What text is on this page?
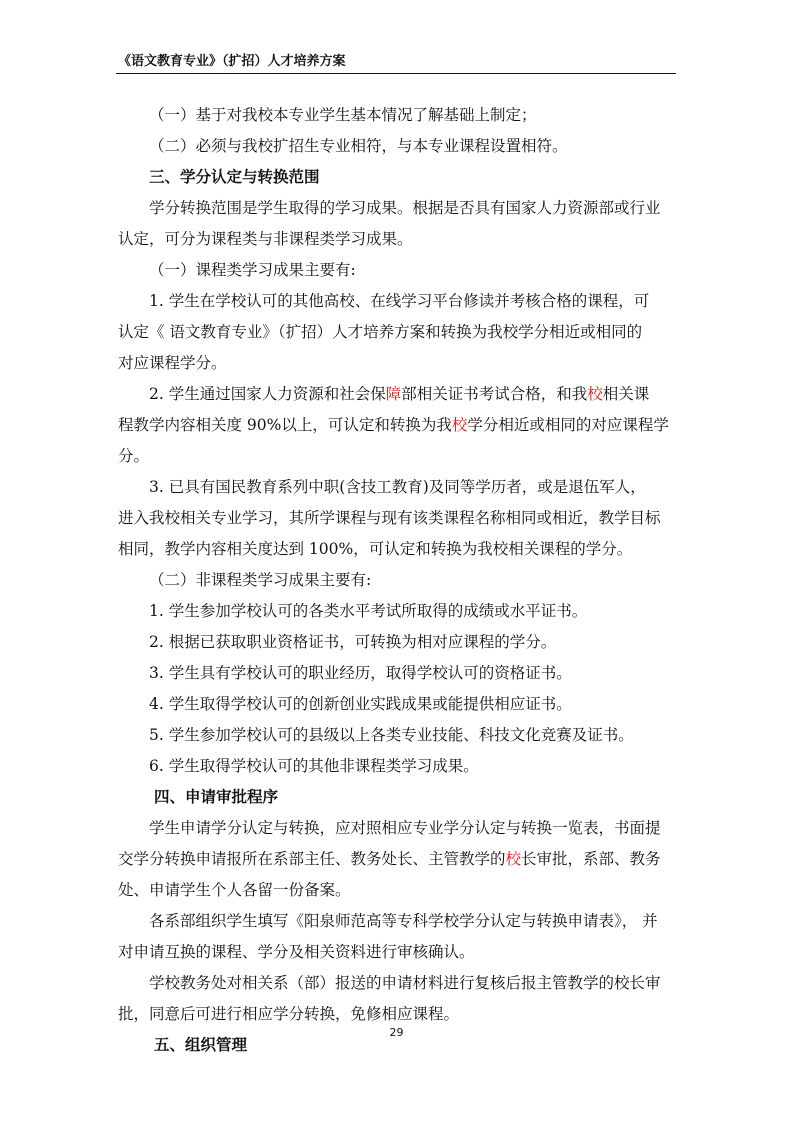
《语文教育专业》（扩招）人才培养方案
（一）基于对我校本专业学生基本情况了解基础上制定；
（二）必须与我校扩招生专业相符，与本专业课程设置相符。
三、学分认定与转换范围
学分转换范围是学生取得的学习成果。根据是否具有国家人力资源部或行业
认定，可分为课程类与非课程类学习成果。
（一）课程类学习成果主要有:
1. 学生在学校认可的其他高校、在线学习平台修读并考核合格的课程，可
认定《 语文教育专业》（扩招）人才培养方案和转换为我校学分相近或相同的
对应课程学分。
2. 学生通过国家人力资源和社会保障部相关证书考试合格，和我校相关课
程教学内容相关度 90%以上，可认定和转换为我校学分相近或相同的对应课程学
分。
3. 已具有国民教育系列中职(含技工教育)及同等学历者，或是退伍军人，
进入我校相关专业学习，其所学课程与现有该类课程名称相同或相近，教学目标
相同，教学内容相关度达到 100%，可认定和转换为我校相关课程的学分。
（二）非课程类学习成果主要有:
1. 学生参加学校认可的各类水平考试所取得的成绩或水平证书。
2. 根据已获取职业资格证书，可转换为相对应课程的学分。
3. 学生具有学校认可的职业经历，取得学校认可的资格证书。
4. 学生取得学校认可的创新创业实践成果或能提供相应证书。
5. 学生参加学校认可的县级以上各类专业技能、科技文化竞赛及证书。
6. 学生取得学校认可的其他非课程类学习成果。
四、申请审批程序
学生申请学分认定与转换，应对照相应专业学分认定与转换一览表，书面提
交学分转换申请报所在系部主任、教务处长、主管教学的校长审批，系部、教务
处、申请学生个人各留一份备案。
各系部组织学生填写《阳泉师范高等专科学校学分认定与转换申请表》， 并
对申请互换的课程、学分及相关资料进行审核确认。
学校教务处对相关系（部）报送的申请材料进行复核后报主管教学的校长审
批，同意后可进行相应学分转换，免修相应课程。
五、组织管理
29
